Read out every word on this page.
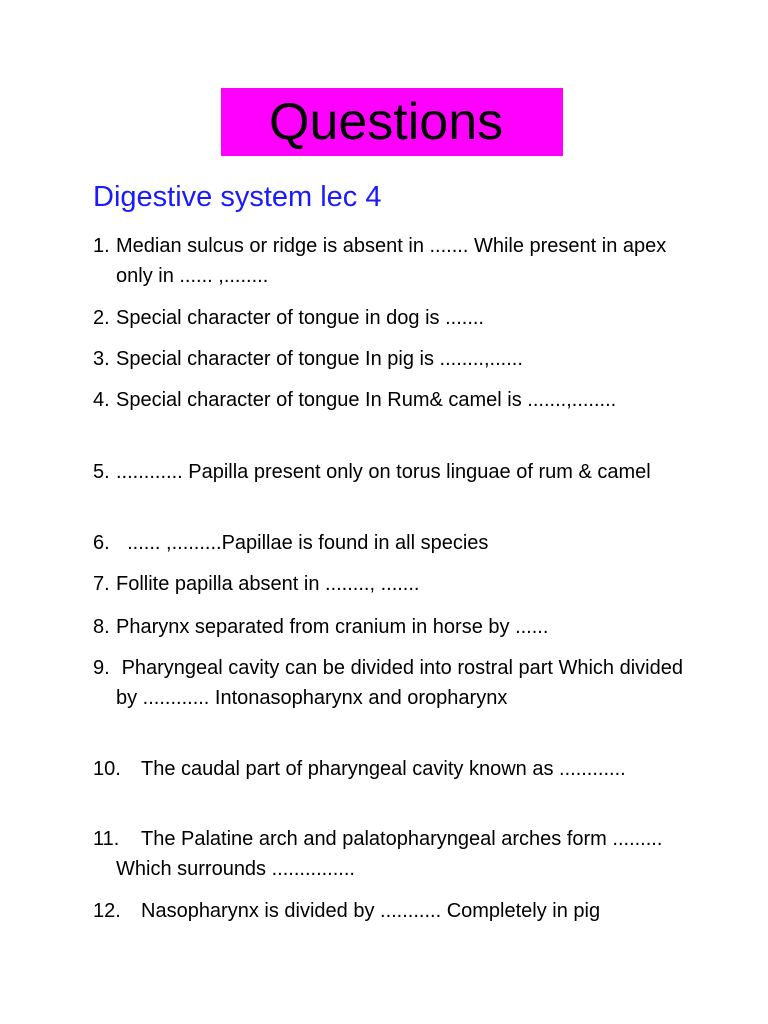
Questions
Digestive system lec 4
1. Median sulcus or ridge is absent in ....... While present in apex only in ...... ,........
2. Special character of tongue in dog is .......
3. Special character of tongue In pig is ........,......
4. Special character of tongue In Rum& camel is .......,........
5. ............ Papilla present only on torus linguae of rum & camel
6. ...... ,.........Papillae is found in all species
7. Follite papilla absent in ........, .......
8. Pharynx separated from cranium in horse by ......
9. Pharyngeal cavity can be divided into rostral part Which divided by ............ Intonasopharynx and oropharynx
10.	The caudal part of pharyngeal cavity known as ............
11.	The Palatine arch and palatopharyngeal arches form ......... Which surrounds ...............
12.	Nasopharynx is divided by ........... Completely in pig
